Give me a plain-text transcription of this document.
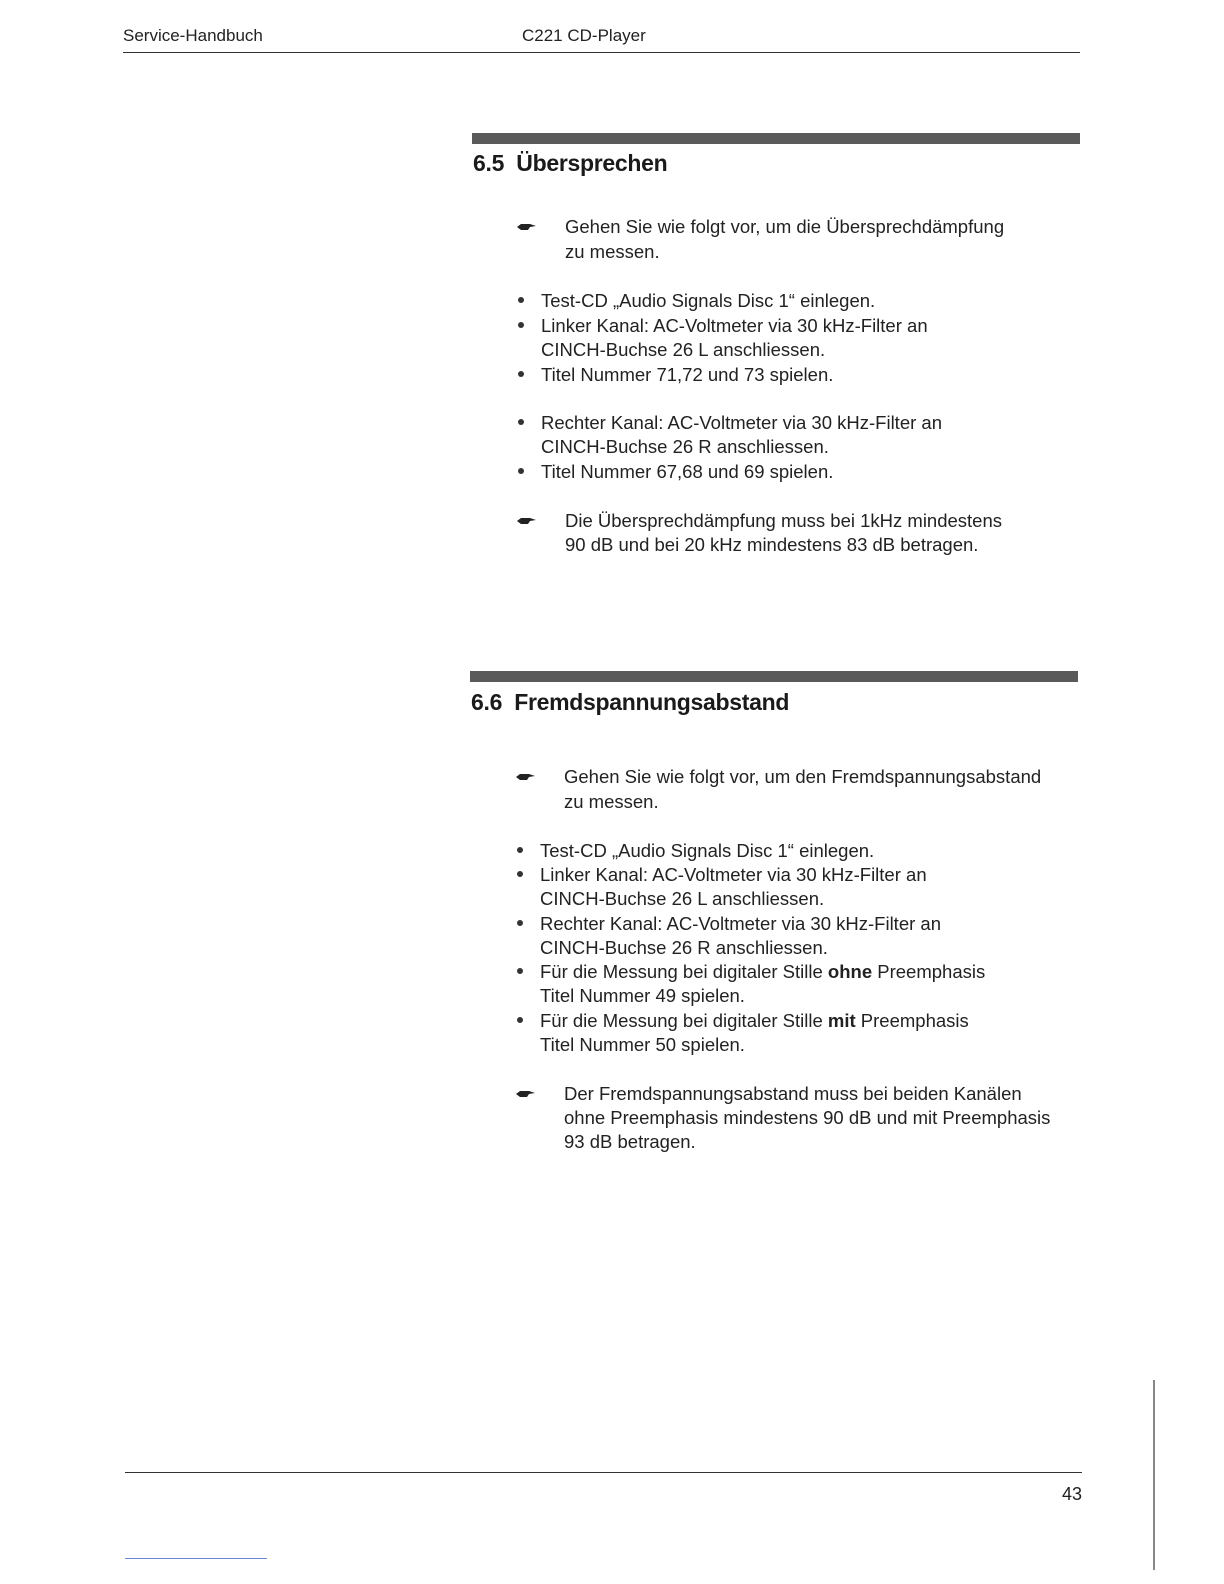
Service-Handbuch	C221 CD-Player
6.5 Übersprechen
Gehen Sie wie folgt vor, um die Übersprechdämpfung
zu messen.
Test-CD „Audio Signals Disc 1“ einlegen.
Linker Kanal: AC-Voltmeter via 30 kHz-Filter an
CINCH-Buchse 26 L anschliessen.
Titel Nummer 71,72 und 73 spielen.
Rechter Kanal: AC-Voltmeter via 30 kHz-Filter an
CINCH-Buchse 26 R anschliessen.
Titel Nummer 67,68 und 69 spielen.
Die Übersprechdämpfung muss bei 1kHz mindestens
90 dB und bei 20 kHz mindestens 83 dB betragen.
6.6 Fremdspannungsabstand
Gehen Sie wie folgt vor, um den Fremdspannungsabstand
zu messen.
Test-CD „Audio Signals Disc 1“ einlegen.
Linker Kanal: AC-Voltmeter via 30 kHz-Filter an
CINCH-Buchse 26 L anschliessen.
Rechter Kanal: AC-Voltmeter via 30 kHz-Filter an
CINCH-Buchse 26 R anschliessen.
Für die Messung bei digitaler Stille ohne Preemphasis
Titel Nummer 49 spielen.
Für die Messung bei digitaler Stille mit Preemphasis
Titel Nummer 50 spielen.
Der Fremdspannungsabstand muss bei beiden Kanälen
ohne Preemphasis mindestens 90 dB und mit Preemphasis
93 dB betragen.
43
